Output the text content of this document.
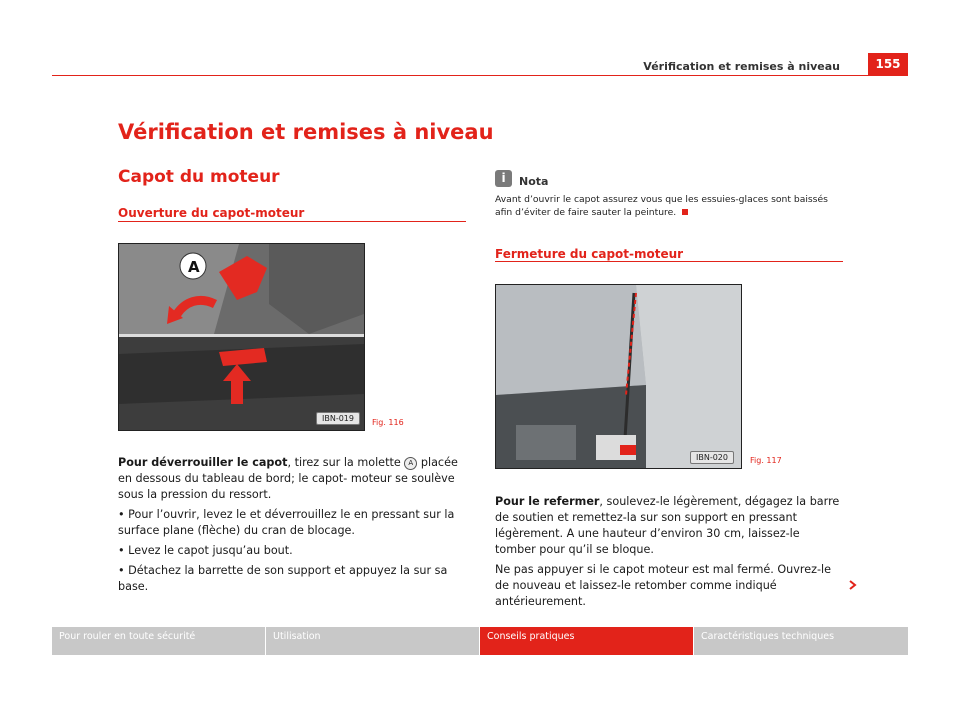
Vérification et remises à niveau	155
Vérification et remises à niveau
Capot du moteur
Ouverture du capot-moteur
A
IBN-019	Fig. 116

Pour déverrouiller le capot, tirez sur la molette A placée en dessous du tableau de bord; le capot- moteur se soulève sous la pression du ressort.

• Pour l’ouvrir, levez le et déverrouillez le en pressant sur la surface plane (flèche) du cran de blocage.

• Levez le capot jusqu’au bout.

• Détachez la barrette de son support et appuyez la sur sa base.

i	Nota
Avant d’ouvrir le capot assurez vous que les essuies-glaces sont baissés afin d’éviter de faire sauter la peinture.
Fermeture du capot-moteur
IBN-020	Fig. 117

Pour le refermer, soulevez-le légèrement, dégagez la barre de soutien et remettez-la sur son support en pressant légèrement. A une hauteur d’environ 30 cm, laissez-le tomber pour qu’il se bloque.

Ne pas appuyer si le capot moteur est mal fermé. Ouvrez-le de nouveau et laissez-le retomber comme indiqué antérieurement.

Pour rouler en toute sécurité	Utilisation	Conseils pratiques	Caractéristiques techniques
